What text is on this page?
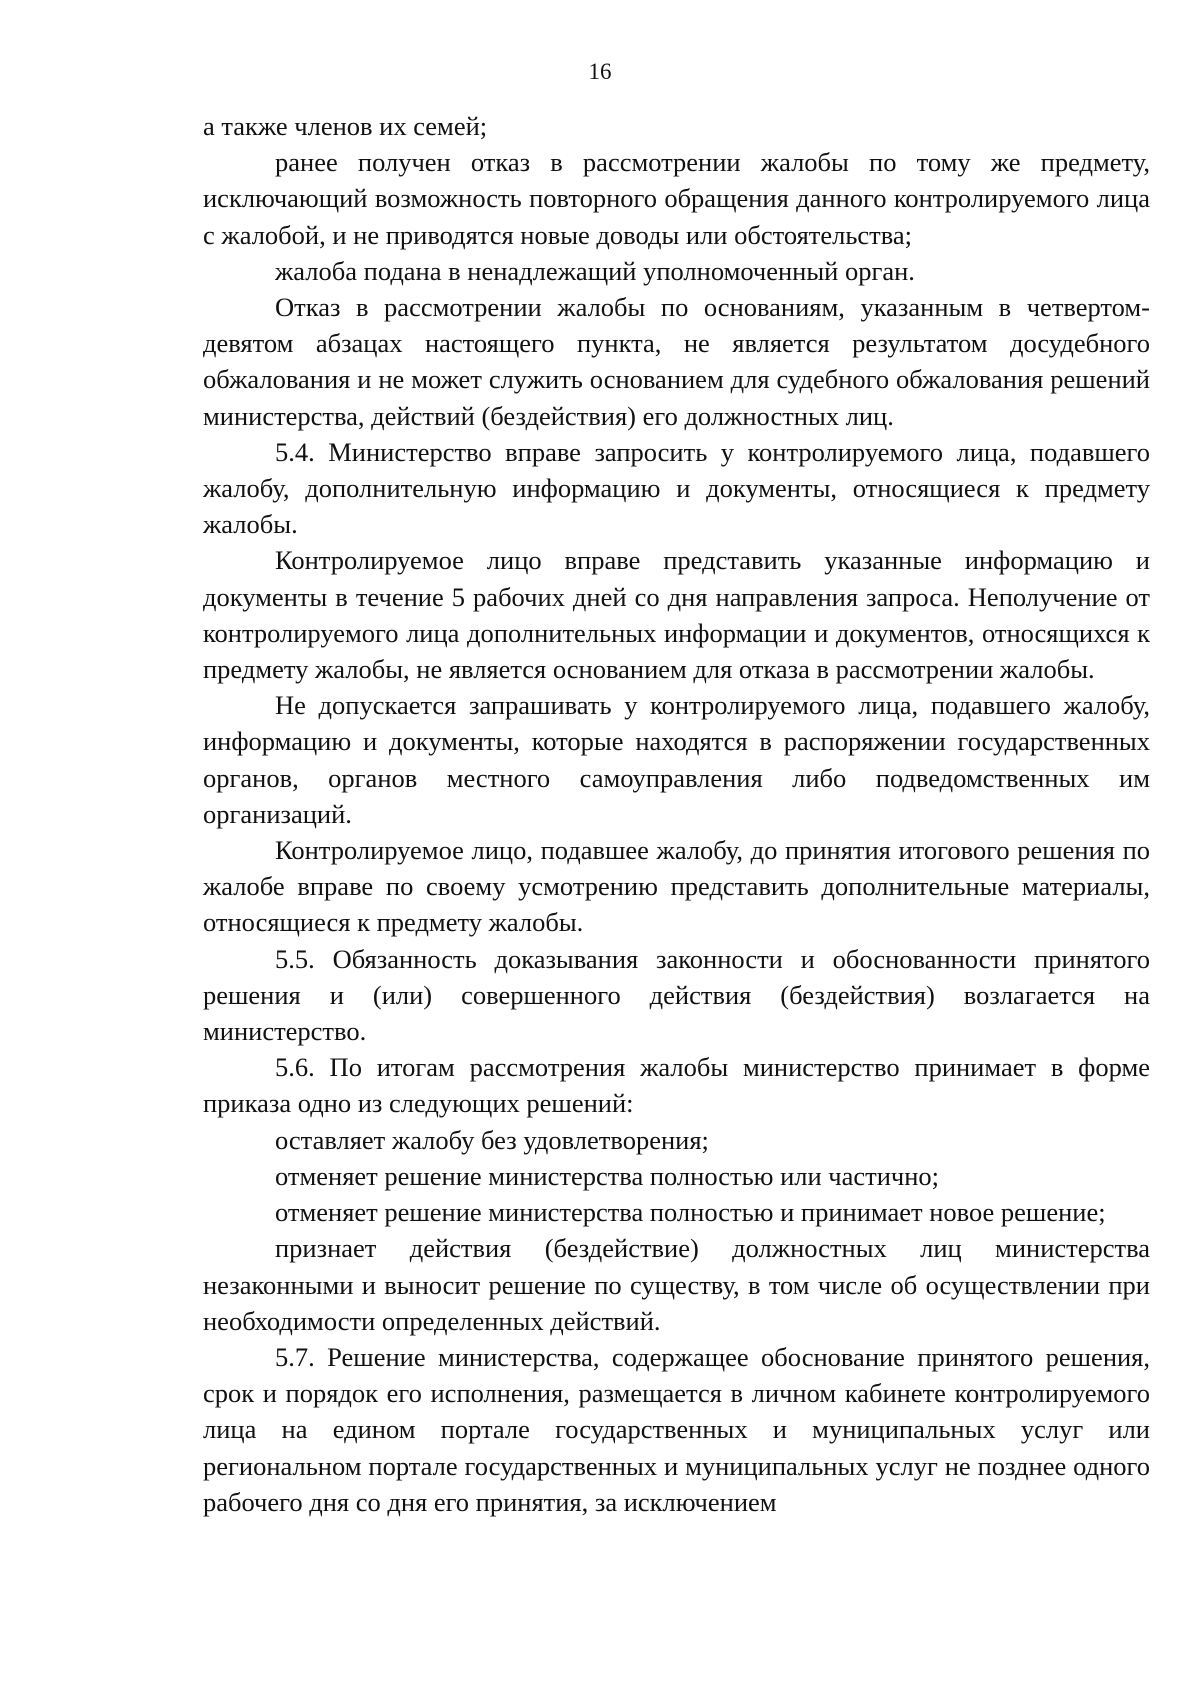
16

а также членов их семей;

ранее получен отказ в рассмотрении жалобы по тому же предмету, исключающий возможность повторного обращения данного контролируемого лица с жалобой, и не приводятся новые доводы или обстоятельства;

жалоба подана в ненадлежащий уполномоченный орган.

Отказ в рассмотрении жалобы по основаниям, указанным в четвертом-девятом абзацах настоящего пункта, не является результатом досудебного обжалования и не может служить основанием для судебного обжалования решений министерства, действий (бездействия) его должностных лиц.

5.4. Министерство вправе запросить у контролируемого лица, подавшего жалобу, дополнительную информацию и документы, относящиеся к предмету жалобы.

Контролируемое лицо вправе представить указанные информацию и документы в течение 5 рабочих дней со дня направления запроса. Неполучение от контролируемого лица дополнительных информации и документов, относящихся к предмету жалобы, не является основанием для отказа в рассмотрении жалобы.

Не допускается запрашивать у контролируемого лица, подавшего жалобу, информацию и документы, которые находятся в распоряжении государственных органов, органов местного самоуправления либо подведомственных им организаций.

Контролируемое лицо, подавшее жалобу, до принятия итогового решения по жалобе вправе по своему усмотрению представить дополнительные материалы, относящиеся к предмету жалобы.

5.5. Обязанность доказывания законности и обоснованности принятого решения и (или) совершенного действия (бездействия) возлагается на министерство.

5.6. По итогам рассмотрения жалобы министерство принимает в форме приказа одно из следующих решений:

оставляет жалобу без удовлетворения;

отменяет решение министерства полностью или частично;

отменяет решение министерства полностью и принимает новое решение;

признает действия (бездействие) должностных лиц министерства незаконными и выносит решение по существу, в том числе об осуществлении при необходимости определенных действий.

5.7. Решение министерства, содержащее обоснование принятого решения, срок и порядок его исполнения, размещается в личном кабинете контролируемого лица на едином портале государственных и муниципальных услуг или региональном портале государственных и муниципальных услуг не позднее одного рабочего дня со дня его принятия, за исключением
